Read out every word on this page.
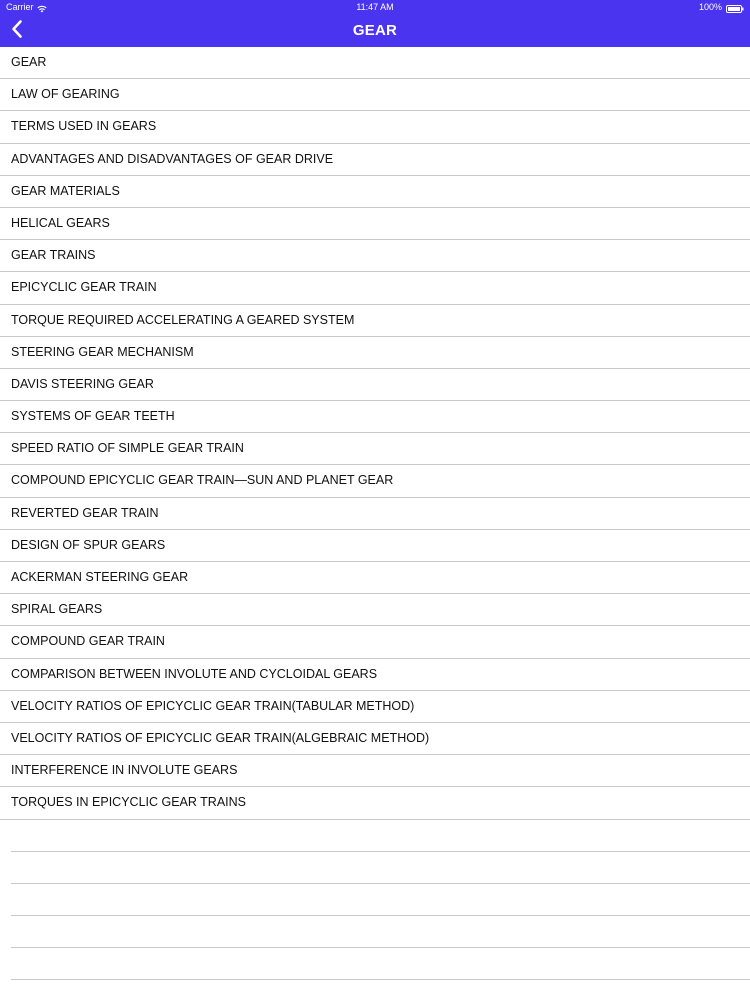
Carrier	11:47 AM	100%
GEAR
GEAR
LAW OF GEARING
TERMS USED IN GEARS
ADVANTAGES AND DISADVANTAGES OF GEAR DRIVE
GEAR MATERIALS
HELICAL GEARS
GEAR TRAINS
EPICYCLIC GEAR TRAIN
TORQUE REQUIRED ACCELERATING A GEARED SYSTEM
STEERING GEAR MECHANISM
DAVIS STEERING GEAR
SYSTEMS OF GEAR TEETH
SPEED RATIO OF SIMPLE GEAR TRAIN
COMPOUND EPICYCLIC GEAR TRAIN—SUN AND PLANET GEAR
REVERTED GEAR TRAIN
DESIGN OF SPUR GEARS
ACKERMAN STEERING GEAR
SPIRAL GEARS
COMPOUND GEAR TRAIN
COMPARISON BETWEEN INVOLUTE AND CYCLOIDAL GEARS
VELOCITY RATIOS OF EPICYCLIC GEAR TRAIN(TABULAR METHOD)
VELOCITY RATIOS OF EPICYCLIC GEAR TRAIN(ALGEBRAIC METHOD)
INTERFERENCE IN INVOLUTE GEARS
TORQUES IN EPICYCLIC GEAR TRAINS
